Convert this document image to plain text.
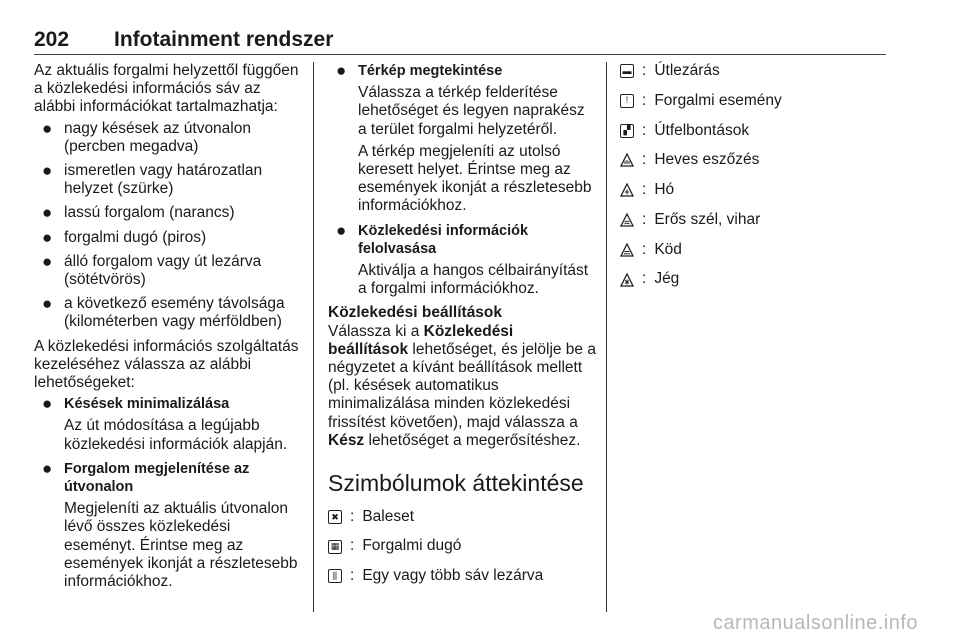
202 Infotainment rendszer

Az aktuális forgalmi helyzettől függően a közlekedési információs sáv az alábbi információkat tartalmazhatja:

● nagy késések az útvonalon (percben megadva)
● ismeretlen vagy határozatlan helyzet (szürke)
● lassú forgalom (narancs)
● forgalmi dugó (piros)
● álló forgalom vagy út lezárva (sötétvörös)
● a következő esemény távolsága (kilométerben vagy mérföldben)

A közlekedési információs szolgáltatás kezeléséhez válassza az alábbi lehetőségeket:

● Késések minimalizálása
Az út módosítása a legújabb közlekedési információk alapján.
● Forgalom megjelenítése az útvonalon
Megjeleníti az aktuális útvonalon lévő összes közlekedési eseményt. Érintse meg az események ikonját a részletesebb információkhoz.
● Térkép megtekintése
Válassza a térkép felderítése lehetőséget és legyen naprakész a terület forgalmi helyzetéről.
A térkép megjeleníti az utolsó keresett helyet. Érintse meg az események ikonját a részletesebb információkhoz.
● Közlekedési információk felolvasása
Aktiválja a hangos célbairányítást a forgalmi információkhoz.
Közlekedési beállítások

Válassza ki a Közlekedési beállítások lehetőséget, és jelölje be a négyzetet a kívánt beállítások mellett (pl. késések automatikus minimalizálása minden közlekedési frissítést követően), majd válassza a Kész lehetőséget a megerősítéshez.

Szimbólumok áttekintése
✖ : Baleset
▦ : Forgalmi dugó
⫼ : Egy vagy több sáv lezárva
▬ : Útlezárás
! : Forgalmi esemény
▞ : Útfelbontások
: Heves eszőzés
: Hó
: Erős szél, vihar
: Köd
: Jég
carmanualsonline.info
